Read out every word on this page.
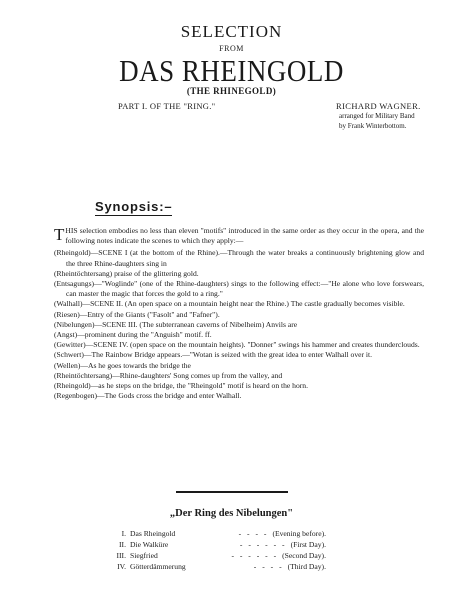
SELECTION
FROM
DAS RHEINGOLD
(THE RHINEGOLD)
PART I. OF THE "RING."	RICHARD WAGNER.
arranged for Military Band
by Frank Winterbottom.
Synopsis:–
THIS selection embodies no less than eleven "motifs" introduced in the same order as they occur in the opera, and the following notes indicate the scenes to which they apply:—
(Rheingold)—SCENE I (at the bottom of the Rhine).—Through the water breaks a continuously brightening glow and the three Rhine-daughters sing in
(Rheintöchtersang) praise of the glittering gold.
(Entsagungs)—"Woglinde" (one of the Rhine-daughters) sings to the following effect:—"He alone who love forswears, can master the magic that forces the gold to a ring."
(Walhall)—SCENE II. (An open space on a mountain height near the Rhine.) The castle gradually becomes visible.
(Riesen)—Entry of the Giants ("Fasolt" and "Fafner").
(Nibelungen)—SCENE III. (The subterranean caverns of Nibelheim) Anvils are
(Angst)—prominent during the "Anguish" motif. ff.
(Gewitter)—SCENE IV. (open space on the mountain heights). "Donner" swings his hammer and creates thunderclouds.
(Schwert)—The Rainbow Bridge appears.—"Wotan is seized with the great idea to enter Walhall over it.
(Wellen)—As he goes towards the bridge the
(Rheintöchtersang)—Rhine-daughters' Song comes up from the valley, and
(Rheingold)—as he steps on the bridge, the "Rheingold" motif is heard on the horn.
(Regenbogen)—The Gods cross the bridge and enter Walhall.
„Der Ring des Nibelungen"
I. Das Rheingold	- - - - (Evening before).
II. Die Walküre	- - - - - - (First Day).
III. Siegfried	- - - - - - (Second Day).
IV. Götterdämmerung	- - - - (Third Day).
